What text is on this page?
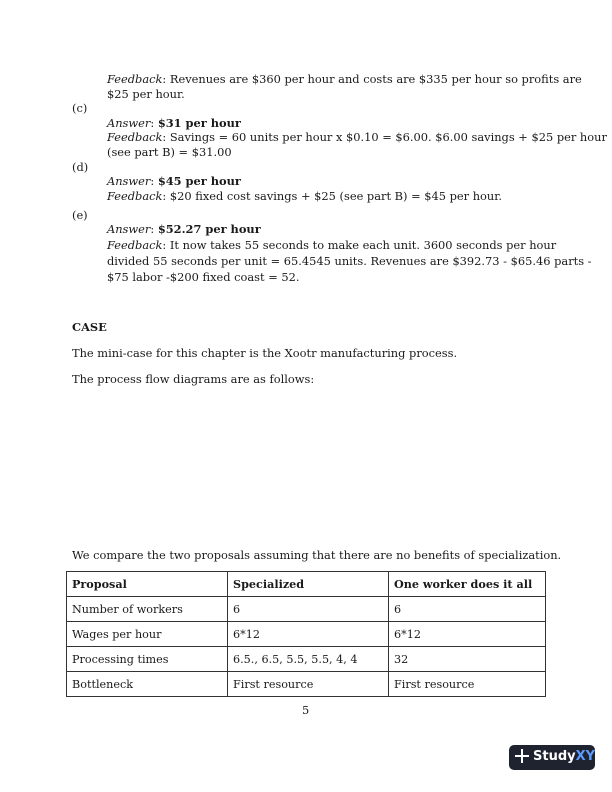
Feedback: Revenues are $360 per hour and costs are $335 per hour so profits are
$25 per hour.
(c)
Answer: $31 per hour
Feedback: Savings = 60 units per hour x $0.10 = $6.00. $6.00 savings + $25 per hour
(see part B) = $31.00
(d)
Answer: $45 per hour
Feedback: $20 fixed cost savings + $25 (see part B) = $45 per hour.
(e)
Answer: $52.27 per hour
Feedback: It now takes 55 seconds to make each unit. 3600 seconds per hour
divided 55 seconds per unit = 65.4545 units. Revenues are $392.73 - $65.46 parts -
$75 labor -$200 fixed coast = 52.
CASE
The mini-case for this chapter is the Xootr manufacturing process.
The process flow diagrams are as follows:
We compare the two proposals assuming that there are no benefits of specialization.
Proposal	Specialized	One worker does it all
Number of workers	6	6
Wages per hour	6*12	6*12
Processing times	6.5., 6.5, 5.5, 5.5, 4, 4	32
Bottleneck	First resource	First resource
5
StudyXY
